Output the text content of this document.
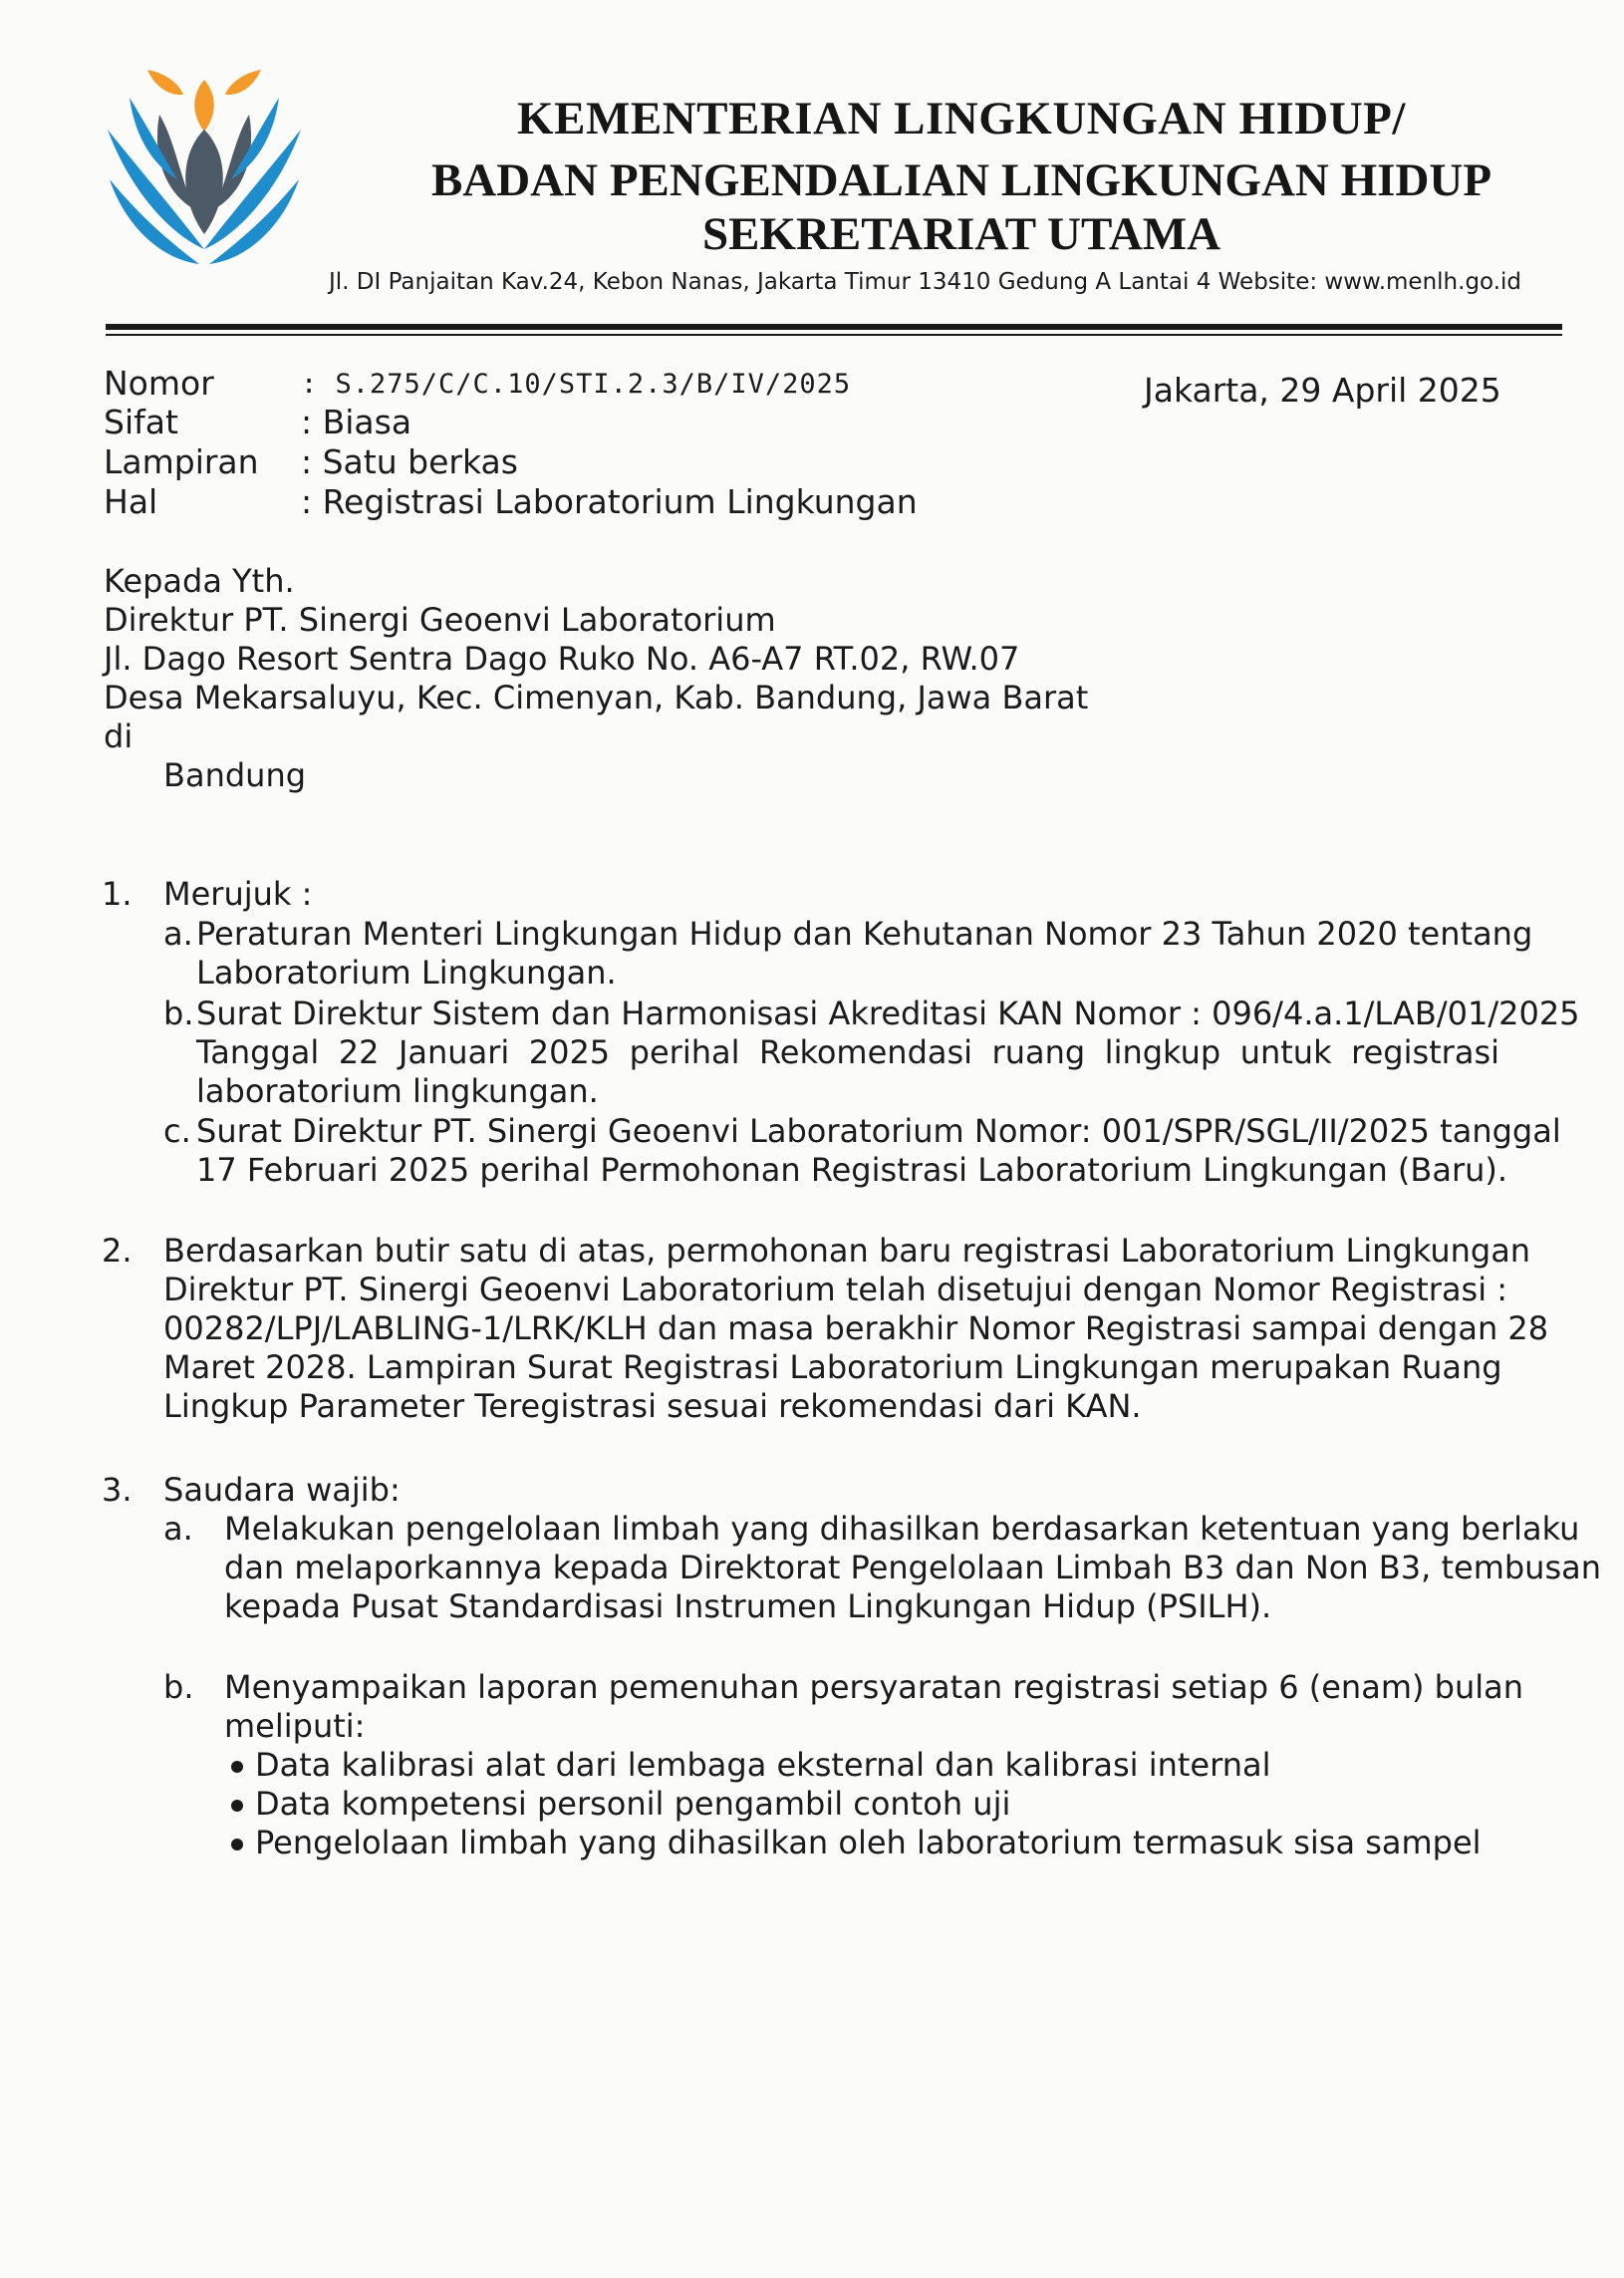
KEMENTERIAN LINGKUNGAN HIDUP/
BADAN PENGENDALIAN LINGKUNGAN HIDUP
SEKRETARIAT UTAMA
Jl. DI Panjaitan Kav.24, Kebon Nanas, Jakarta Timur 13410 Gedung A Lantai 4 Website: www.menlh.go.id
Nomor	: S.275/C/C.10/STI.2.3/B/IV/2025	Jakarta, 29 April 2025
Sifat	: Biasa
Lampiran : Satu berkas
Hal	: Registrasi Laboratorium Lingkungan
Kepada Yth.
Direktur PT. Sinergi Geoenvi Laboratorium
Jl. Dago Resort Sentra Dago Ruko No. A6-A7 RT.02, RW.07
Desa Mekarsaluyu, Kec. Cimenyan, Kab. Bandung, Jawa Barat
di
Bandung
1. Merujuk :
a. Peraturan Menteri Lingkungan Hidup dan Kehutanan Nomor 23 Tahun 2020 tentang
Laboratorium Lingkungan.
b. Surat Direktur Sistem dan Harmonisasi Akreditasi KAN Nomor : 096/4.a.1/LAB/01/2025
Tanggal 22 Januari 2025 perihal Rekomendasi ruang lingkup untuk registrasi
laboratorium lingkungan.
c. Surat Direktur PT. Sinergi Geoenvi Laboratorium Nomor: 001/SPR/SGL/II/2025 tanggal
17 Februari 2025 perihal Permohonan Registrasi Laboratorium Lingkungan (Baru).
2. Berdasarkan butir satu di atas, permohonan baru registrasi Laboratorium Lingkungan
Direktur PT. Sinergi Geoenvi Laboratorium telah disetujui dengan Nomor Registrasi :
00282/LPJ/LABLING-1/LRK/KLH dan masa berakhir Nomor Registrasi sampai dengan 28
Maret 2028. Lampiran Surat Registrasi Laboratorium Lingkungan merupakan Ruang
Lingkup Parameter Teregistrasi sesuai rekomendasi dari KAN.
3. Saudara wajib:
a. Melakukan pengelolaan limbah yang dihasilkan berdasarkan ketentuan yang berlaku
dan melaporkannya kepada Direktorat Pengelolaan Limbah B3 dan Non B3, tembusan
kepada Pusat Standardisasi Instrumen Lingkungan Hidup (PSILH).
b. Menyampaikan laporan pemenuhan persyaratan registrasi setiap 6 (enam) bulan
meliputi:
Data kalibrasi alat dari lembaga eksternal dan kalibrasi internal
Data kompetensi personil pengambil contoh uji
Pengelolaan limbah yang dihasilkan oleh laboratorium termasuk sisa sampel
